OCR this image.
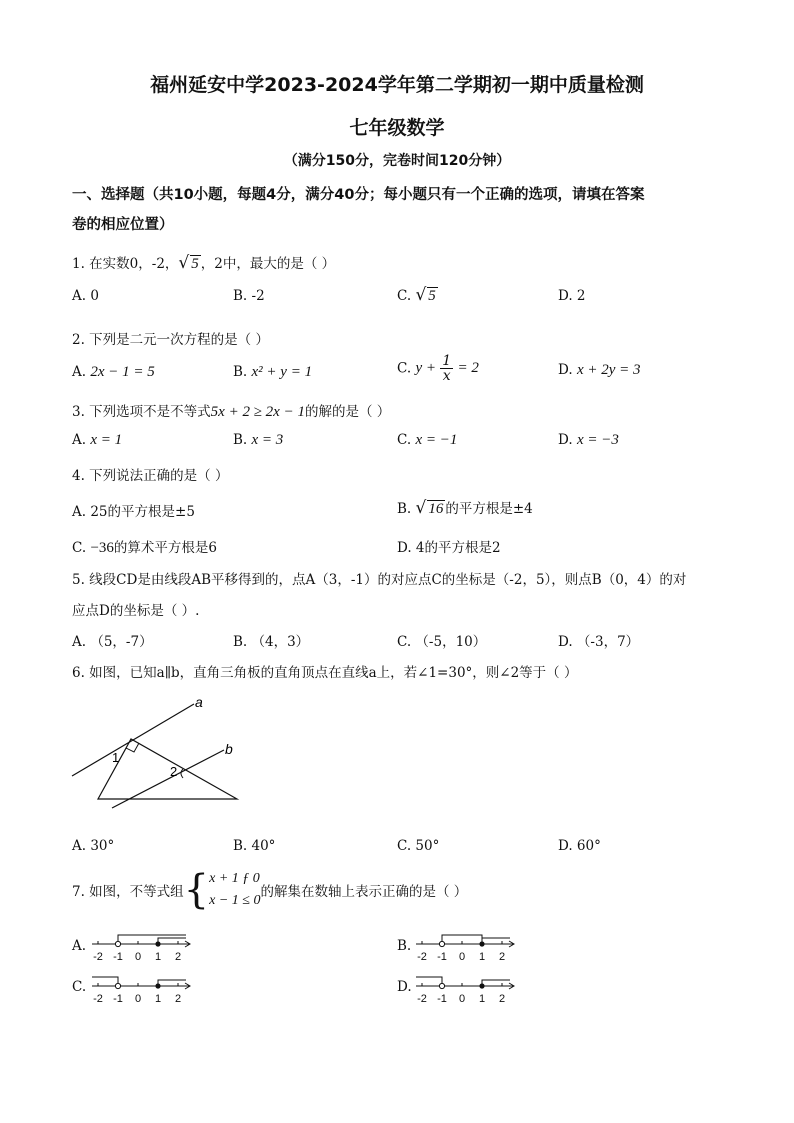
福州延安中学2023-2024学年第二学期初一期中质量检测
七年级数学
（满分150分，完卷时间120分钟）
一、选择题（共10小题，每题4分，满分40分；每小题只有一个正确的选项，请填在答案
卷的相应位置）
1. 在实数0，-2，√ 5 ，2中，最大的是（ ）
A. 0	B. -2	C. √ 5	D. 2
2. 下列是二元一次方程的是（ ）
A. 2x − 1 = 5	B. x² + y = 1	C. $y + \frac{1}{x} = 2$	D. x + 2y = 3
3. 下列选项不是不等式5x + 2 ≥ 2x − 1的解的是（ ）
A. x = 1	B. x = 3	C. x = −1	D. x = −3
4. 下列说法正确的是（ ）
A. 25的平方根是±5	B. √ 16 的平方根是±4
C. −36的算术平方根是6	D. 4的平方根是2
5. 线段CD是由线段AB平移得到的，点A（3，-1）的对应点C的坐标是（-2，5），则点B（0，4）的对
应点D的坐标是（ ）.
A. （5，-7）	B. （4，3）	C. （-5，10）	D. （-3，7）
6. 如图，已知a∥b，直角三角板的直角顶点在直线a上，若∠1=30°，则∠2等于（ ）
a
b
1
2
A. 30°	B. 40°	C. 50°	D. 60°
7. 如图，不等式组{ x + 1 ƒ 0
x − 1 ≤ 0
的解集在数轴上表示正确的是（ ）
A.
-2 -1 0 1 2
B.
-2 -1 0 1 2
C.
-2 -1 0 1 2
D.
-2 -1 0 1 2
